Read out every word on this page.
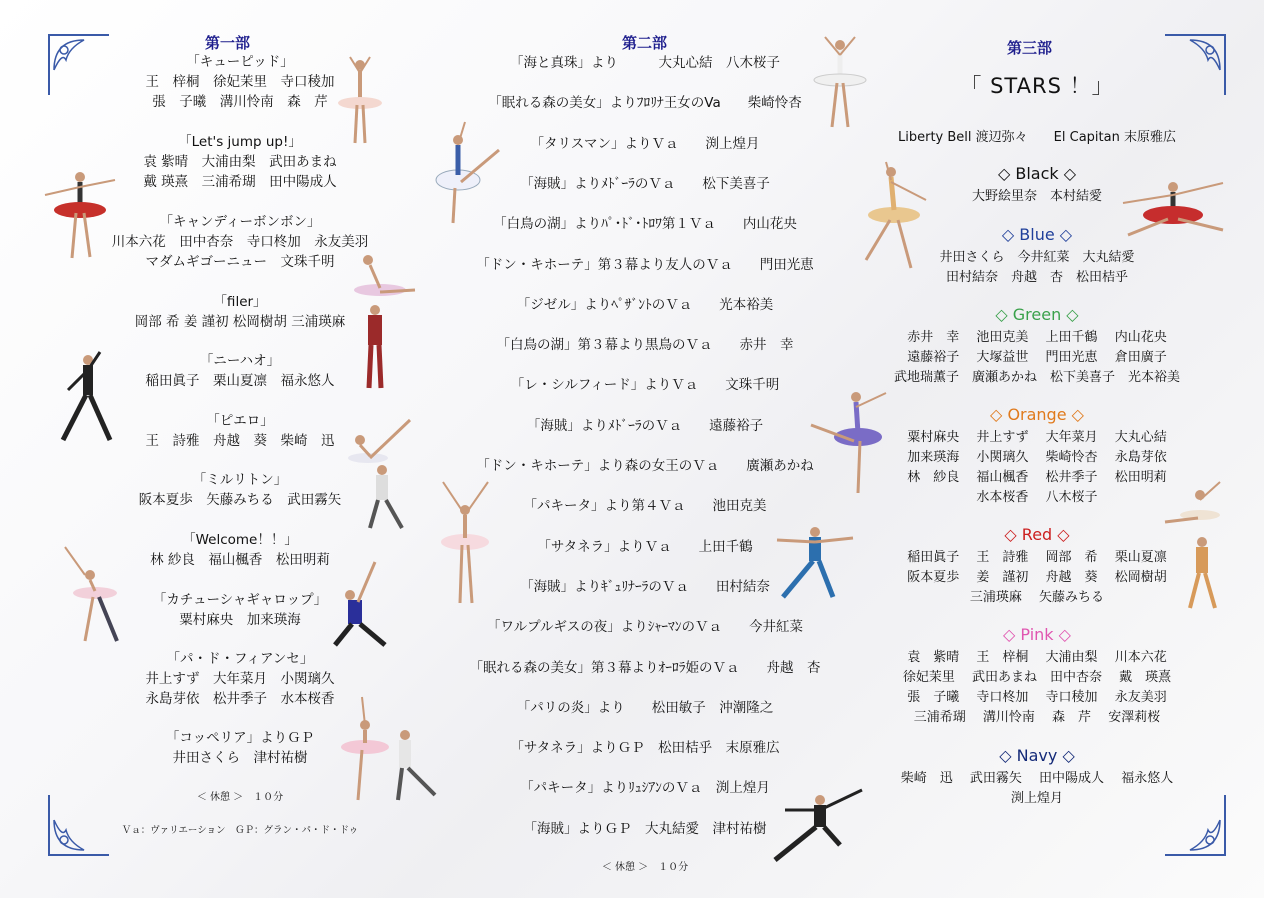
第一部
「キューピッド」
王　梓桐　徐妃茉里　寺口稜加
張　子曦　溝川怜南　森　芹
「Let's jump up!」
袁 紫晴　大浦由梨　武田あまね
戴 瑛熹　三浦希瑚　田中陽成人
「キャンディーボンボン」
川本六花　田中杏奈　寺口柊加　永友美羽
マダムギゴーニュー　文珠千明
「filer」
岡部 希 姜 謹初 松岡樹胡 三浦瑛麻
「ニーハオ」
稲田眞子　栗山夏凛　福永悠人
「ピエロ」
王　詩雅　舟越　葵　柴崎　迅
「ミルリトン」
阪本夏歩　矢藤みちる　武田霧矢
「Welcome！！」
林 紗良　福山楓香　松田明莉
「カチューシャギャロップ」
粟村麻央　加来瑛海
「パ・ド・フィアンセ」
井上すず　大年菜月　小関璃久
永島芽依　松井季子　水本桜香
「コッペリア」よりＧＰ
井田さくら　津村祐樹
＜ 休憩 ＞　１０分
Ｖａ：ヴァリエーション　ＧＰ：グラン・パ・ド・ドゥ
第二部
「海と真珠」より　　　大丸心結　八木桜子
「眠れる森の美女」よりﾌﾛﾘﾅ王女のVa　　柴崎怜杏
「タリスマン」よりＶａ　　渕上煌月
「海賊」よりﾒﾄﾞｰﾗのＶａ　　松下美喜子
「白鳥の湖」よりﾊﾟ･ﾄﾞ･ﾄﾛﾜ第１Ｖａ　　内山花央
「ドン・キホーテ」第３幕より友人のＶａ　　門田光恵
「ジゼル」よりﾍﾟｻﾞﾝﾄのＶａ　　光本裕美
「白鳥の湖」第３幕より黒鳥のＶａ　　赤井　幸
「レ・シルフィード」よりＶａ　　文珠千明
「海賊」よりﾒﾄﾞｰﾗのＶａ　　遠藤裕子
「ドン・キホーテ」より森の女王のＶａ　　廣瀬あかね
「パキータ」より第４Ｖａ　　池田克美
「サタネラ」よりＶａ　　上田千鶴
「海賊」よりｷﾞｭﾘﾅｰﾗのＶａ　　田村結奈
「ワルプルギスの夜」よりｼｬｰﾏﾝのＶａ　　今井紅菜
「眠れる森の美女」第３幕よりｵｰﾛﾗ姫のＶａ　　舟越　杏
「パリの炎」より　　松田敏子　沖潮隆之
「サタネラ」よりＧＰ　松田桔乎　末原雅広
「パキータ」よりﾘｭｼｱﾝのＶａ　渕上煌月
「海賊」よりＧＰ　大丸結愛　津村祐樹
＜ 休憩 ＞　１０分
第三部
「 STARS ！」
Liberty Bell 渡辺弥々　　El Capitan 末原雅広
◇ Black ◇
大野絵里奈　本村結愛
◇ Blue ◇
井田さくら　今井紅菜　大丸結愛
田村結奈　舟越　杏　松田桔乎
◇ Green ◇
赤井　幸　 池田克美　 上田千鶴　 内山花央
遠藤裕子　 大塚益世　 門田光恵　 倉田廣子
武地瑞薫子　廣瀬あかね　松下美喜子　光本裕美
◇ Orange ◇
粟村麻央　 井上すず　 大年菜月　 大丸心結
加来瑛海　 小関璃久　 柴崎怜杏　 永島芽依
林　紗良　 福山楓香　 松井季子　 松田明莉
水本桜香　 八木桜子
◇ Red ◇
稲田眞子　 王　詩雅　 岡部　希　 栗山夏凛
阪本夏歩　 姜　謹初　 舟越　葵　 松岡樹胡
三浦瑛麻　 矢藤みちる
◇ Pink ◇
袁　紫晴　 王　梓桐　 大浦由梨　 川本六花
徐妃茉里　 武田あまね　田中杏奈　 戴　瑛熹
張　子曦　 寺口柊加　 寺口稜加　 永友美羽
三浦希瑚　 溝川怜南　 森　芹　 安澤莉桜
◇ Navy ◇
柴崎　迅　 武田霧矢　 田中陽成人　 福永悠人
渕上煌月
